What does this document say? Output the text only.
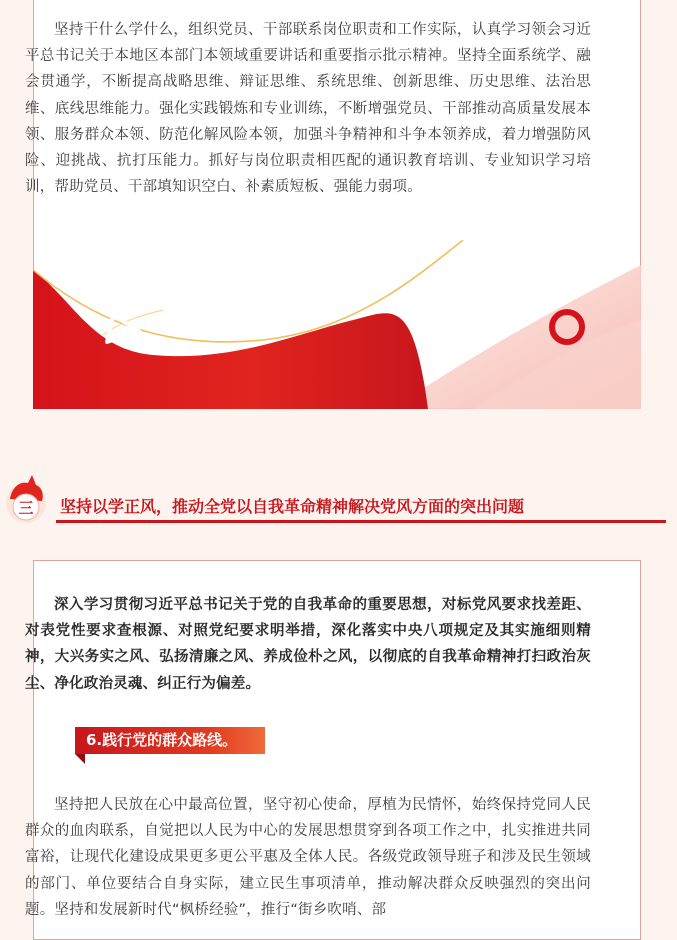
坚持干什么学什么，组织党员、干部联系岗位职责和工作实际，认真学习领会习近平总书记关于本地区本部门本领域重要讲话和重要指示批示精神。坚持全面系统学、融会贯通学，不断提高战略思维、辩证思维、系统思维、创新思维、历史思维、法治思维、底线思维能力。强化实践锻炼和专业训练，不断增强党员、干部推动高质量发展本领、服务群众本领、防范化解风险本领，加强斗争精神和斗争本领养成，着力增强防风险、迎挑战、抗打压能力。抓好与岗位职责相匹配的通识教育培训、专业知识学习培训，帮助党员、干部填知识空白、补素质短板、强能力弱项。

三 坚持以学正风，推动全党以自我革命精神解决党风方面的突出问题

深入学习贯彻习近平总书记关于党的自我革命的重要思想，对标党风要求找差距、对表党性要求查根源、对照党纪要求明举措，深化落实中央八项规定及其实施细则精神，大兴务实之风、弘扬清廉之风、养成俭朴之风，以彻底的自我革命精神打扫政治灰尘、净化政治灵魂、纠正行为偏差。

6.践行党的群众路线。

坚持把人民放在心中最高位置，坚守初心使命，厚植为民情怀，始终保持党同人民群众的血肉联系，自觉把以人民为中心的发展思想贯穿到各项工作之中，扎实推进共同富裕，让现代化建设成果更多更公平惠及全体人民。各级党政领导班子和涉及民生领域的部门、单位要结合自身实际，建立民生事项清单，推动解决群众反映强烈的突出问题。坚持和发展新时代“枫桥经验”，推行“街乡吹哨、部
